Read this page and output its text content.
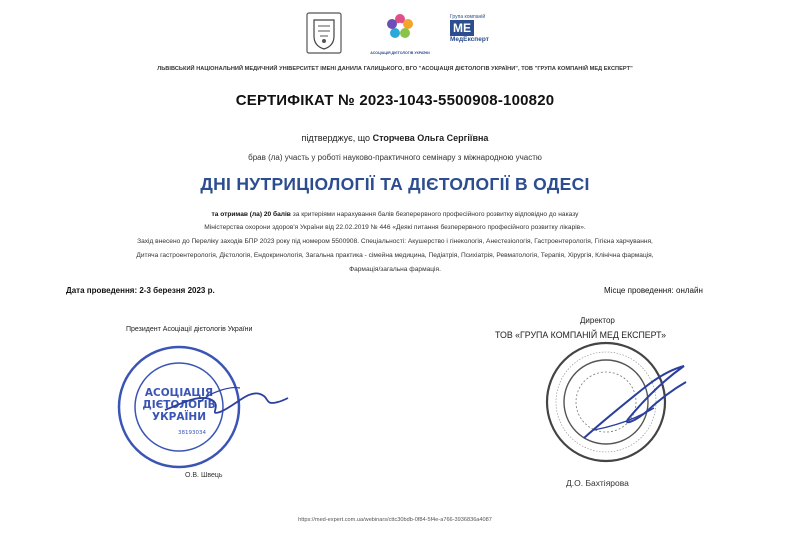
АСОЦІАЦІЯ ДІЄТОЛОГІВ УКРАЇНИ
Група компаній
МЕ
МедЕксперт
ЛЬВІВСЬКИЙ НАЦІОНАЛЬНИЙ МЕДИЧНИЙ УНІВЕРСИТЕТ ІМЕНІ ДАНИЛА ГАЛИЦЬКОГО, ВГО "АСОЦІАЦІЯ ДІЄТОЛОГІВ УКРАЇНИ", ТОВ "ГРУПА КОМПАНІЙ МЕД ЕКСПЕРТ"
СЕРТИФІКАТ № 2023-1043-5500908-100820
підтверджує, що Сторчева Ольга Сергіївна
брав (ла) участь у роботі науково-практичного семінару з міжнародною участю
ДНІ НУТРИЦІОЛОГІЇ ТА ДІЄТОЛОГІЇ В ОДЕСІ
та отримав (ла) 20 балів за критеріями нарахування балів безперервного професійного розвитку відповідно до наказу
Міністерства охорони здоров'я України від 22.02.2019 № 446 «Деякі питання безперервного професійного розвитку лікарів».
Захід внесено до Переліку заходів БПР 2023 року під номером 5500908. Спеціальності: Акушерство і гінекологія, Анестезіологія, Гастроентерологія, Гігієна харчування,
Дитяча гастроентерологія, Дієтологія, Ендокринологія, Загальна практика - сімейна медицина, Педіатрія, Психіатрія, Ревматологія, Терапія, Хірургія, Клінічна фармація,
Фармація/загальна фармація.
Дата проведення: 2-3 березня 2023 р.	Місце проведення: онлайн
Президент Асоціації дієтологів України
Директор
ТОВ «ГРУПА КОМПАНІЙ МЕД ЕКСПЕРТ»
АСОЦІАЦІЯ
ДІЄТОЛОГІВ
УКРАЇНИ
38193034
О.В. Швець
Д.О. Бахтіярова
https://med-expert.com.ua/webinars/cttc30bdb-0f84-5f4e-a766-3936836a4087
